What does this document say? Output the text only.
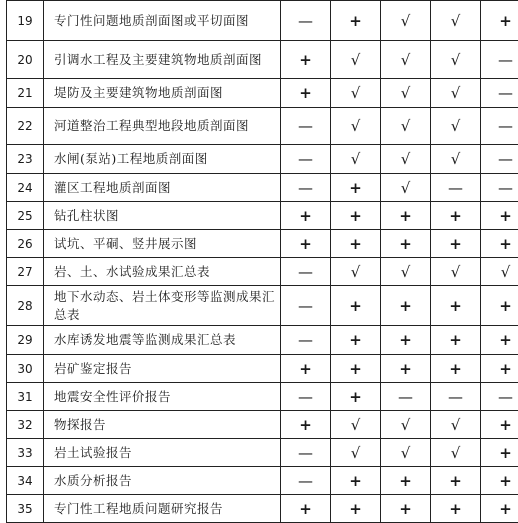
19	专门性问题地质剖面图或平切面图	—	+	√	√	+
20	引调水工程及主要建筑物地质剖面图	+	√	√	√	—
21	堤防及主要建筑物地质剖面图	+	√	√	√	—
22	河道整治工程典型地段地质剖面图	—	√	√	√	—
23	水闸(泵站)工程地质剖面图	—	√	√	√	—
24	灌区工程地质剖面图	—	+	√	—	—
25	钻孔柱状图	+	+	+	+	+
26	试坑、平硐、竖井展示图	+	+	+	+	+
27	岩、土、水试验成果汇总表	—	√	√	√	√
28	地下水动态、岩土体变形等监测成果汇总表	—	+	+	+	+
29	水库诱发地震等监测成果汇总表	—	+	+	+	+
30	岩矿鉴定报告	+	+	+	+	+
31	地震安全性评价报告	—	+	—	—	—
32	物探报告	+	√	√	√	+
33	岩土试验报告	—	√	√	√	+
34	水质分析报告	—	+	+	+	+
35	专门性工程地质问题研究报告	+	+	+	+	+
